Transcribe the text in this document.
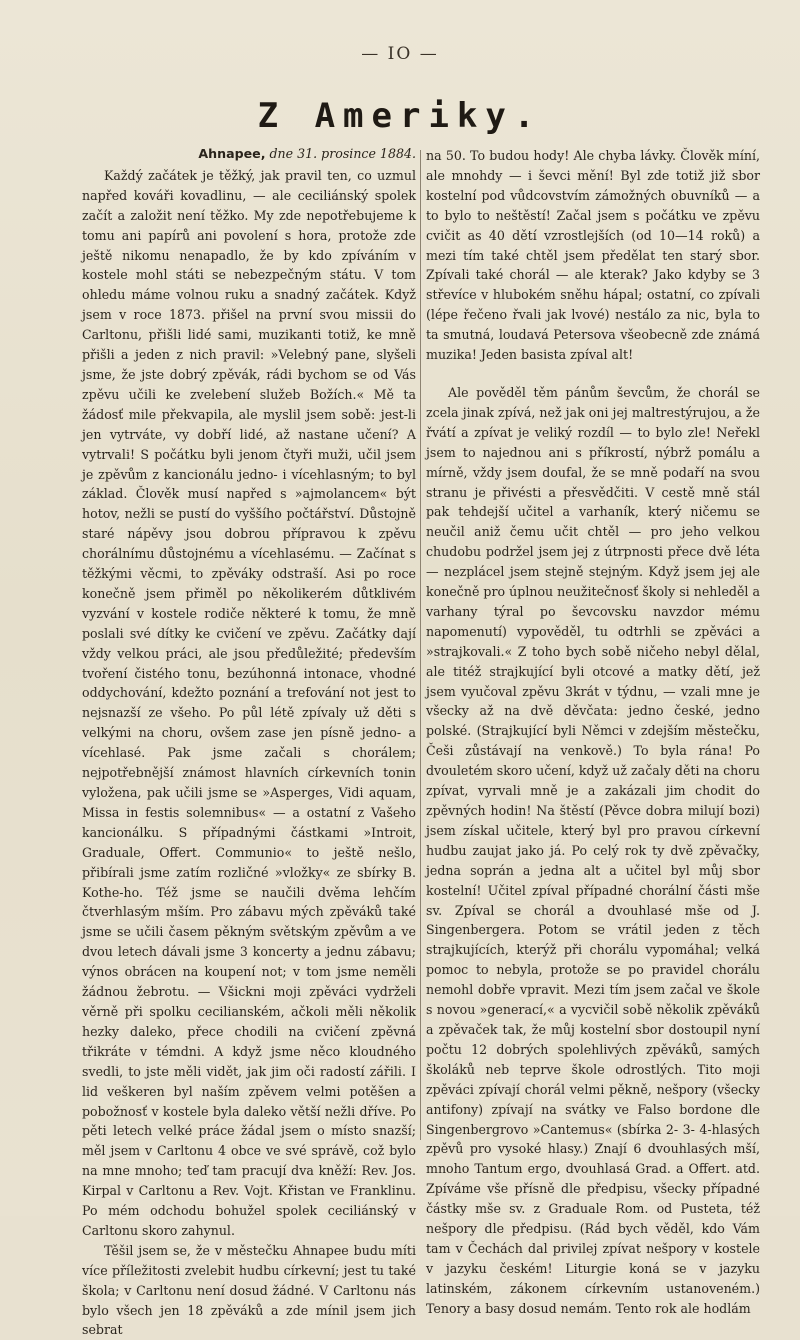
— IO —
Z Ameriky.
Ahnapee, dne 31. prosince 1884.

Každý začátek je těžký, jak pravil ten, co uzmul napřed kováři kovadlinu, — ale ceciliánský spolek začít a založit není těžko. My zde nepotřebujeme k tomu ani papírů ani povolení s hora, protože zde ještě nikomu nenapadlo, že by kdo zpíváním v kostele mohl státi se nebezpečným státu. V tom ohledu máme volnou ruku a snadný začátek. Když jsem v roce 1873. přišel na první svou missii do Carltonu, přišli lidé sami, muzikanti totiž, ke mně přišli a jeden z nich pravil: »Velebný pane, slyšeli jsme, že jste dobrý zpěvák, rádi bychom se od Vás zpěvu učili ke zvelebení služeb Božích.« Mě ta žádosť mile překvapila, ale myslil jsem sobě: jest-li jen vytrváte, vy dobří lidé, až nastane učení? A vytrvali! S počátku byli jenom čtyři muži, učil jsem je zpěvům z kancionálu jedno- i vícehlasným; to byl základ. Člověk musí napřed s »ajmolancem« být hotov, nežli se pustí do vyššího počtářství. Důstojně staré nápěvy jsou dobrou přípravou k zpěvu chorálnímu důstojnému a vícehlasému. — Začínat s těžkými věcmi, to zpěváky odstraší. Asi po roce konečně jsem přiměl po několikerém důtklivém vyzvání v kostele rodiče některé k tomu, že mně poslali své dítky ke cvičení ve zpěvu. Začátky dají vždy velkou práci, ale jsou předůležité; především tvoření čistého tonu, bezúhonná intonace, vhodné oddychování, kdežto poznání a trefování not jest to nejsnazší ze všeho. Po půl létě zpívaly už děti s velkými na choru, ovšem zase jen písně jedno- a vícehlasé. Pak jsme začali s chorálem; nejpotřebnější známost hlavních církevních tonin vyložena, pak učili jsme se »Asperges, Vidi aquam, Missa in festis solemnibus« — a ostatní z Vašeho kancionálku. S případnými částkami »Introit, Graduale, Offert. Communio« to ještě nešlo, přibírali jsme zatím rozličné »vložky« ze sbírky B. Kothe-ho. Též jsme se naučili dvěma lehčím čtverhlasým mším. Pro zábavu mých zpěváků také jsme se učili časem pěkným světským zpěvům a ve dvou letech dávali jsme 3 koncerty a jednu zábavu; výnos obrácen na koupení not; v tom jsme neměli žádnou žebrotu. — Všickni moji zpěváci vydrželi věrně při spolku cecilianském, ačkoli měli několik hezky daleko, přece chodili na cvičení zpěvná třikráte v témdni. A když jsme něco kloudného svedli, to jste měli vidět, jak jim oči radostí zářili. I lid veškeren byl naším zpěvem velmi potěšen a pobožnosť v kostele byla daleko větší nežli dříve. Po pěti letech velké práce žádal jsem o místo snazší; měl jsem v Carltonu 4 obce ve své správě, což bylo na mne mnoho; teď tam pracují dva kněží: Rev. Jos. Kirpal v Carltonu a Rev. Vojt. Křistan ve Franklinu. Po mém odchodu bohužel spolek ceciliánský v Carltonu skoro zahynul.

Těšil jsem se, že v městečku Ahnapee budu míti více příležitosti zvelebit hudbu církevní; jest tu také škola; v Carltonu není dosud žádné. V Carltonu nás bylo všech jen 18 zpěváků a zde mínil jsem jich sebrat

na 50. To budou hody! Ale chyba lávky. Člověk míní, ale mnohdy — i ševci mění! Byl zde totiž již sbor kostelní pod vůdcovstvím zámožných obuvníků — a to bylo to neštěstí! Začal jsem s počátku ve zpěvu cvičit as 40 dětí vzrostlejších (od 10—14 roků) a mezi tím také chtěl jsem předělat ten starý sbor. Zpívali také chorál — ale kterak? Jako kdyby se 3 střevíce v hlubokém sněhu hápal; ostatní, co zpívali (lépe řečeno řvali jak lvové) nestálo za nic, byla to ta smutná, loudavá Petersova všeobecně zde známá muzika! Jeden basista zpíval alt!

Ale pověděl těm pánům ševcům, že chorál se zcela jinak zpívá, než jak oni jej maltrestýrujou, a že řvátí a zpívat je veliký rozdíl — to bylo zle! Neřekl jsem to najednou ani s příkrostí, nýbrž pomálu a mírně, vždy jsem doufal, že se mně podaří na svou stranu je přivésti a přesvědčiti. V cestě mně stál pak tehdejší učitel a varhaník, který ničemu se neučil aniž čemu učit chtěl — pro jeho velkou chudobu podržel jsem jej z útrpnosti přece dvě léta — nezplácel jsem stejně stejným. Když jsem jej ale konečně pro úplnou neužitečnosť školy si nehleděl a varhany týral po ševcovsku navzdor mému napomenutí) vypověděl, tu odtrhli se zpěváci a »strajkovali.« Z toho bych sobě ničeho nebyl dělal, ale titéž strajkující byli otcové a matky dětí, jež jsem vyučoval zpěvu 3krát v týdnu, — vzali mne je všecky až na dvě děvčata: jedno české, jedno polské. (Strajkující byli Němci v zdejším městečku, Češi zůstávají na venkově.) To byla rána! Po dvouletém skoro učení, když už začaly děti na choru zpívat, vyrvali mně je a zakázali jim chodit do zpěvných hodin! Na štěstí (Pěvce dobra milují bozi) jsem získal učitele, který byl pro pravou církevní hudbu zaujat jako já. Po celý rok ty dvě zpěvačky, jedna soprán a jedna alt a učitel byl můj sbor kostelní! Učitel zpíval případné chorální části mše sv. Zpíval se chorál a dvouhlasé mše od J. Singenbergera. Potom se vrátil jeden z těch strajkujících, kterýž při chorálu vypomáhal; velká pomoc to nebyla, protože se po pravidel chorálu nemohl dobře vpravit. Mezi tím jsem začal ve škole s novou »generací,« a vycvičil sobě několik zpěváků a zpěvaček tak, že můj kostelní sbor dostoupil nyní počtu 12 dobrých spolehlivých zpěváků, samých školáků neb teprve škole odrostlých. Tito moji zpěváci zpívají chorál velmi pěkně, nešpory (všecky antifony) zpívají na svátky ve Falso bordone dle Singenbergrovo »Cantemus« (sbírka 2- 3- 4-hlasých zpěvů pro vysoké hlasy.) Znají 6 dvouhlasých mší, mnoho Tantum ergo, dvouhlasá Grad. a Offert. atd. Zpíváme vše přísně dle předpisu, všecky případné částky mše sv. z Graduale Rom. od Pusteta, též nešpory dle předpisu. (Rád bych věděl, kdo Vám tam v Čechách dal privilej zpívat nešpory v kostele v jazyku českém! Liturgie koná se v jazyku latinském, zákonem církevním ustanoveném.) Tenory a basy dosud nemám. Tento rok ale hodlám
